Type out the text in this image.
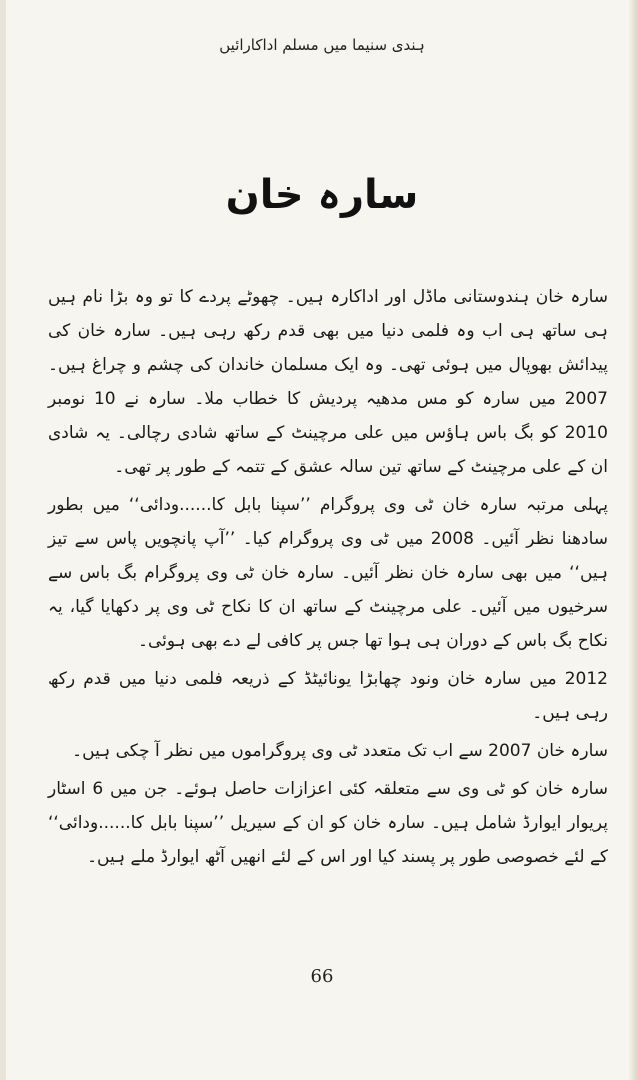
ہندی سنیما میں مسلم اداکارائیں
سارہ خان

سارہ خان ہندوستانی ماڈل اور اداکارہ ہیں۔ چھوٹے پردے کا تو وہ بڑا نام ہیں ہی ساتھ ہی اب وہ فلمی دنیا میں بھی قدم رکھ رہی ہیں۔ سارہ خان کی پیدائش بھوپال میں ہوئی تھی۔ وہ ایک مسلمان خاندان کی چشم و چراغ ہیں۔ 2007 میں سارہ کو مس مدھیہ پردیش کا خطاب ملا۔ سارہ نے 10 نومبر 2010 کو بگ باس ہاؤس میں علی مرچینٹ کے ساتھ شادی رچالی۔ یہ شادی ان کے علی مرچینٹ کے ساتھ تین سالہ عشق کے تتمہ کے طور پر تھی۔

پہلی مرتبہ سارہ خان ٹی وی پروگرام ’’سپنا بابل کا......ودائی‘‘ میں بطور سادھنا نظر آئیں۔ 2008 میں ٹی وی پروگرام کیا۔ ’’آپ پانچویں پاس سے تیز ہیں‘‘ میں بھی سارہ خان نظر آئیں۔ سارہ خان ٹی وی پروگرام بگ باس سے سرخیوں میں آئیں۔ علی مرچینٹ کے ساتھ ان کا نکاح ٹی وی پر دکھایا گیا، یہ نکاح بگ باس کے دوران ہی ہوا تھا جس پر کافی لے دے بھی ہوئی۔

2012 میں سارہ خان ونود چھابڑا یونائیٹڈ کے ذریعہ فلمی دنیا میں قدم رکھ رہی ہیں۔

سارہ خان 2007 سے اب تک متعدد ٹی وی پروگراموں میں نظر آ چکی ہیں۔

سارہ خان کو ٹی وی سے متعلقہ کئی اعزازات حاصل ہوئے۔ جن میں 6 اسٹار پریوار ایوارڈ شامل ہیں۔ سارہ خان کو ان کے سیریل ’’سپنا بابل کا......ودائی‘‘ کے لئے خصوصی طور پر پسند کیا اور اس کے لئے انھیں آٹھ ایوارڈ ملے ہیں۔

66
